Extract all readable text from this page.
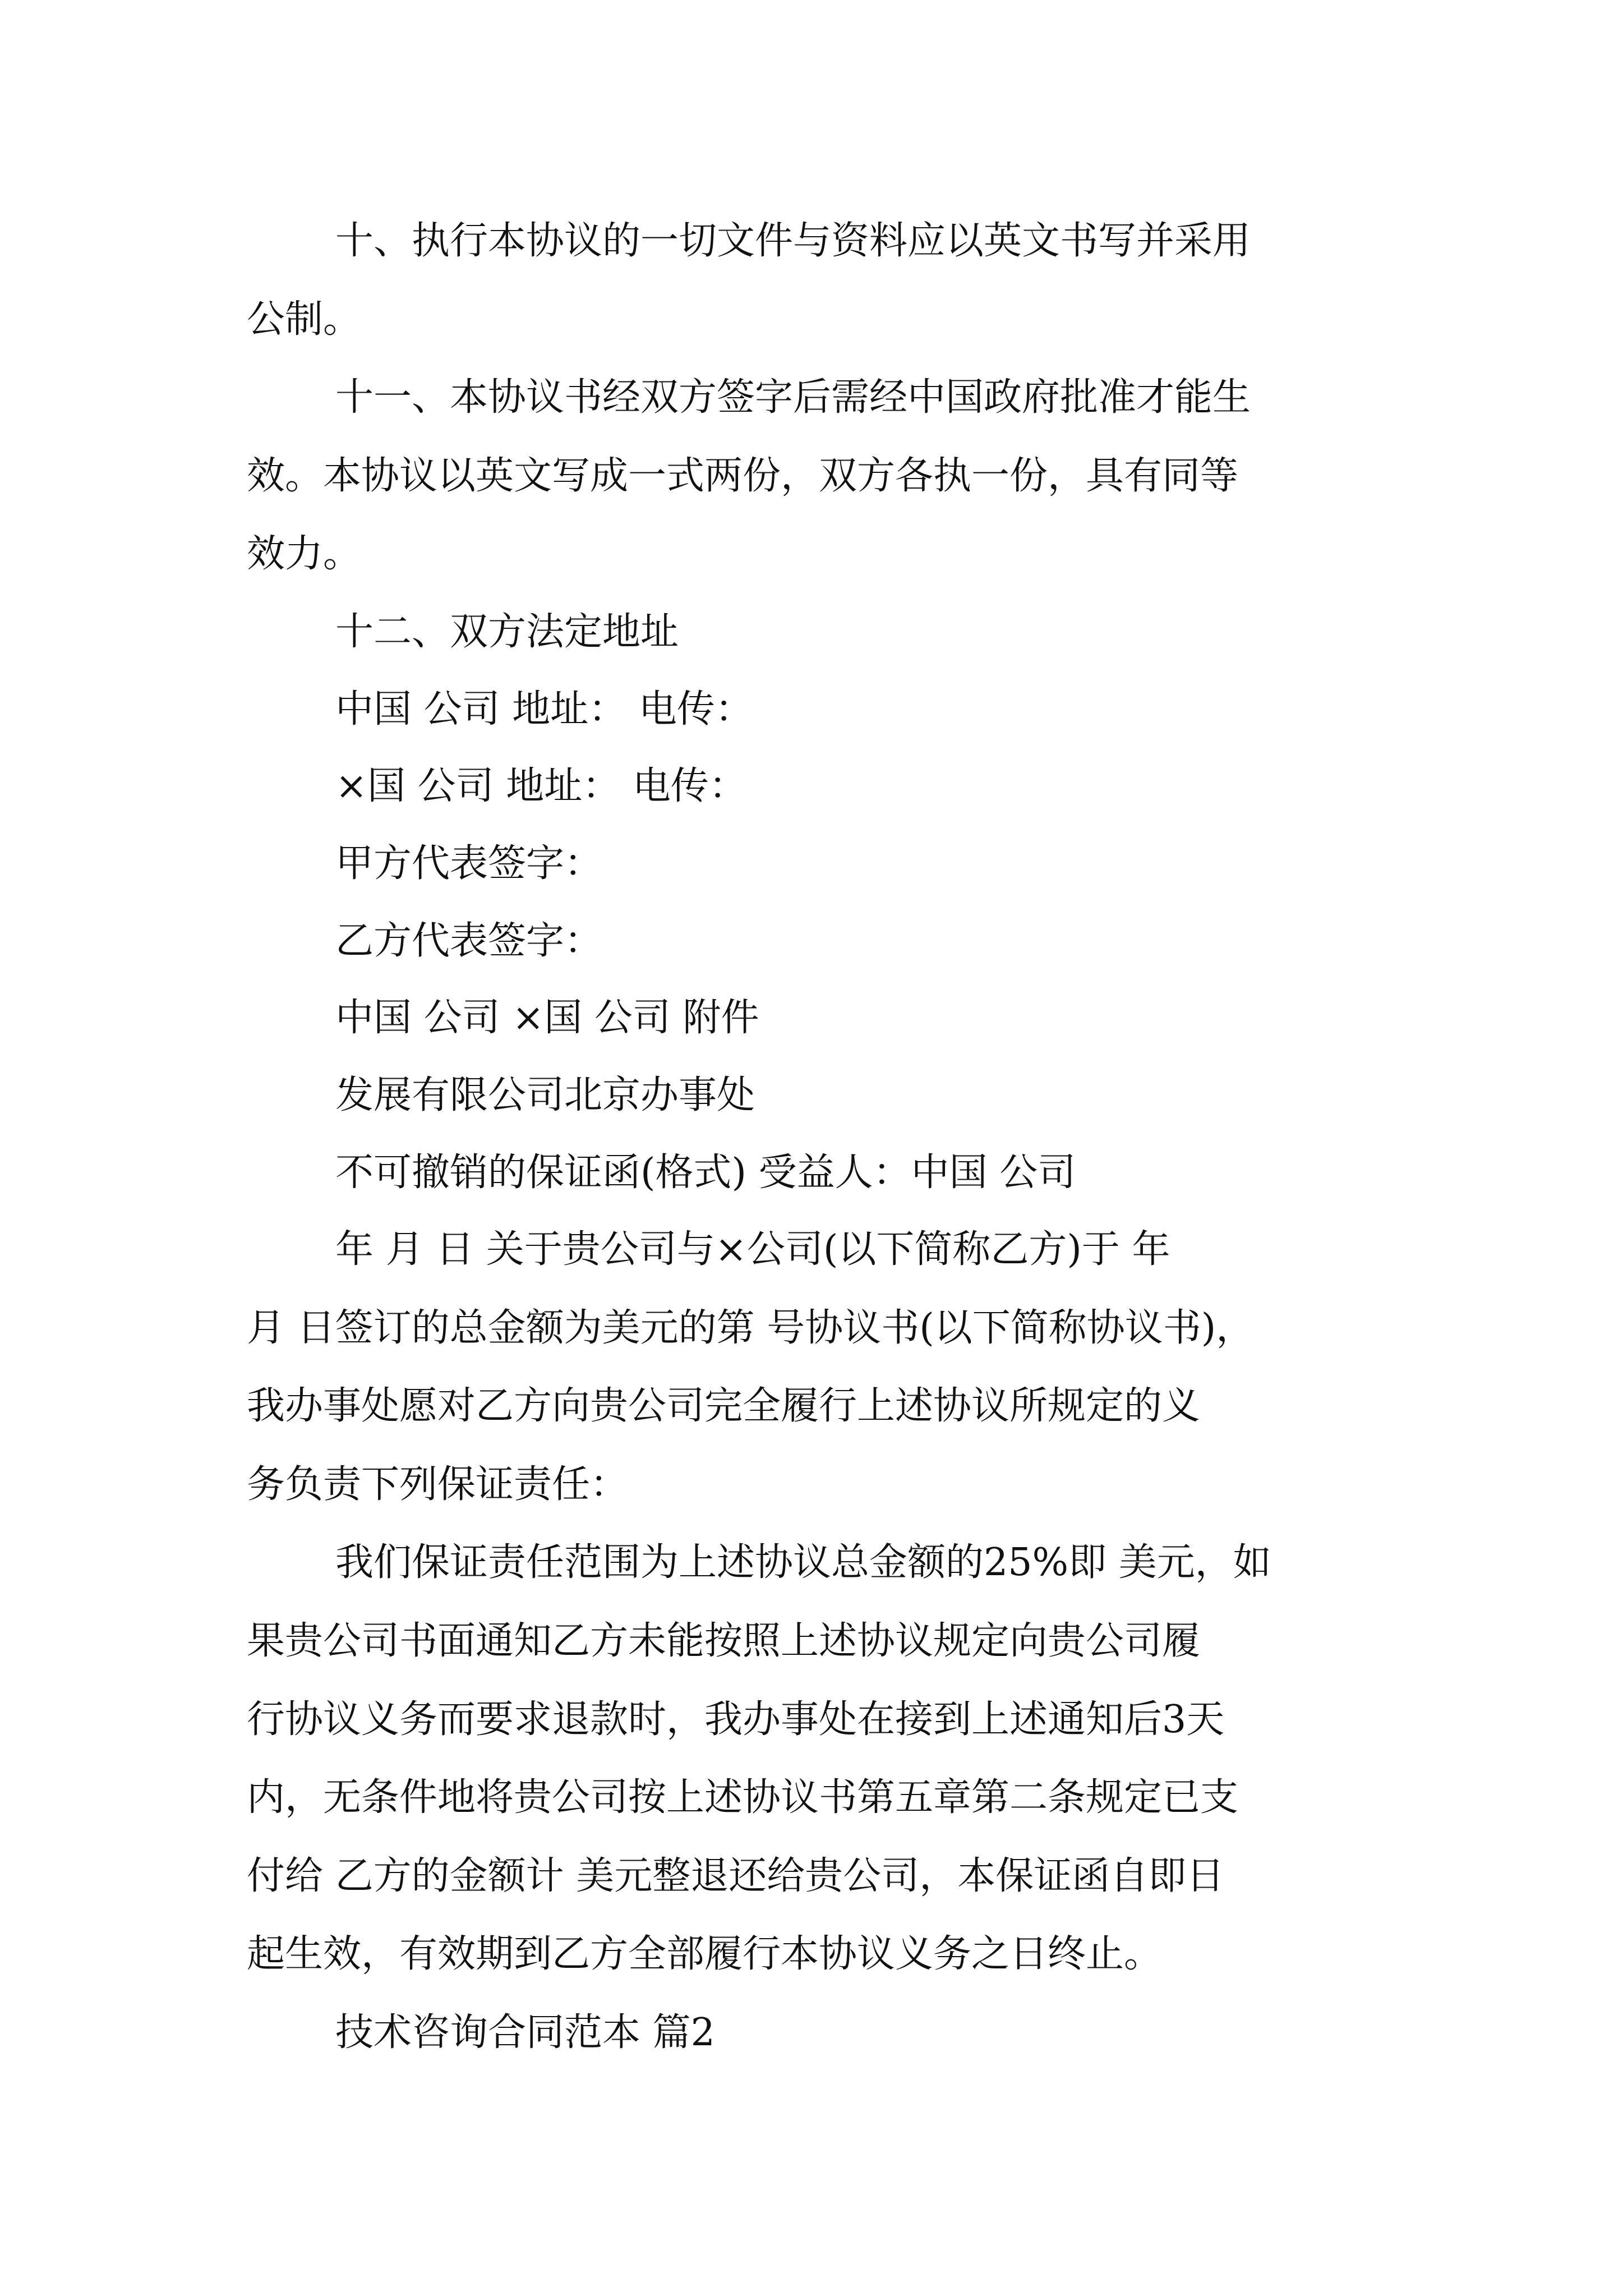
十、执行本协议的一切文件与资料应以英文书写并采用

公制。

十一、本协议书经双方签字后需经中国政府批准才能生

效。本协议以英文写成一式两份，双方各执一份，具有同等

效力。

十二、双方法定地址

中国 公司 地址： 电传：

×国 公司 地址： 电传：

甲方代表签字：

乙方代表签字：

中国 公司 ×国 公司 附件

发展有限公司北京办事处

不可撤销的保证函(格式) 受益人：中国 公司

年 月 日 关于贵公司与×公司(以下简称乙方)于 年

月 日签订的总金额为美元的第 号协议书(以下简称协议书)，

我办事处愿对乙方向贵公司完全履行上述协议所规定的义

务负责下列保证责任：

我们保证责任范围为上述协议总金额的25%即 美元，如

果贵公司书面通知乙方未能按照上述协议规定向贵公司履

行协议义务而要求退款时，我办事处在接到上述通知后3天

内，无条件地将贵公司按上述协议书第五章第二条规定已支

付给 乙方的金额计 美元整退还给贵公司，本保证函自即日

起生效，有效期到乙方全部履行本协议义务之日终止。

技术咨询合同范本 篇2
